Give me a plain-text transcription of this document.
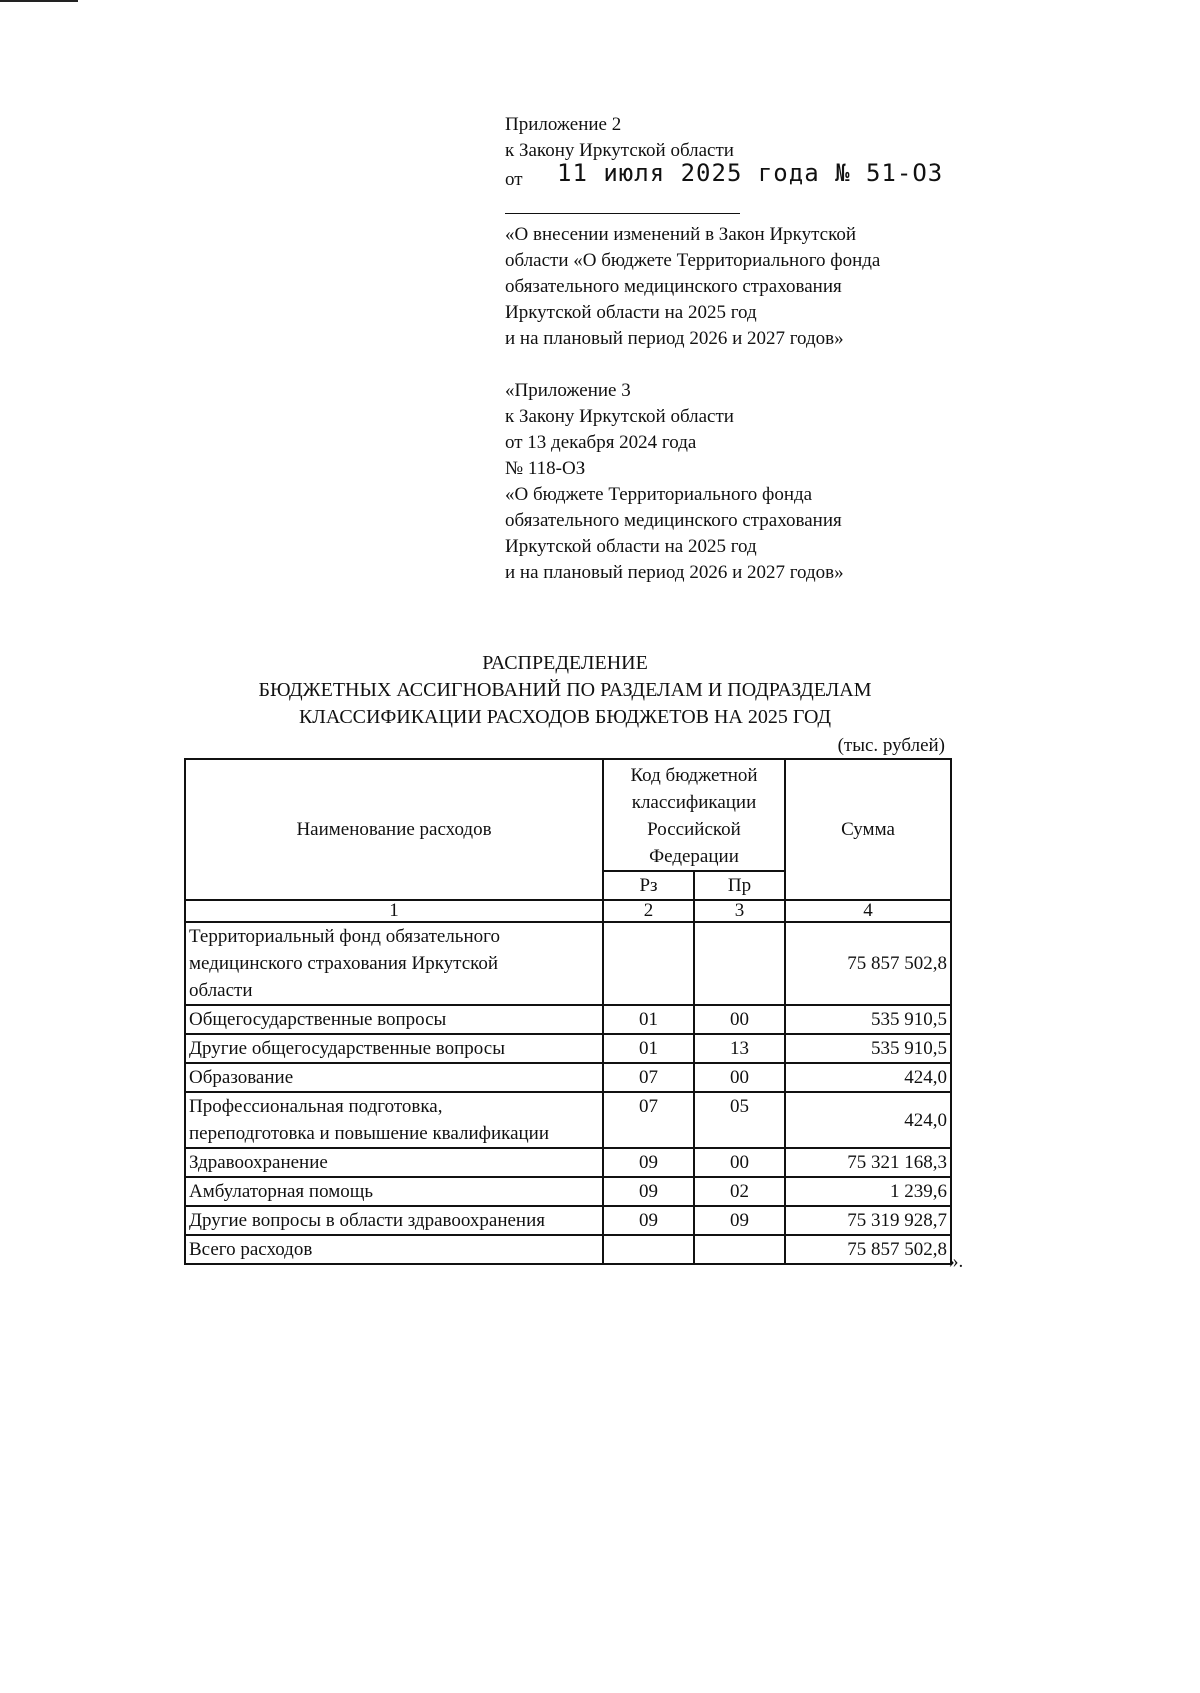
Приложение 2
к Закону Иркутской области
от	11 июля 2025 года № 51-ОЗ
«О внесении изменений в Закон Иркутской
области «О бюджете Территориального фонда
обязательного медицинского страхования
Иркутской области на 2025 год
и на плановый период 2026 и 2027 годов»
«Приложение 3
к Закону Иркутской области
от 13 декабря 2024 года
№ 118-ОЗ
«О бюджете Территориального фонда
обязательного медицинского страхования
Иркутской области на 2025 год
и на плановый период 2026 и 2027 годов»
РАСПРЕДЕЛЕНИЕ
БЮДЖЕТНЫХ АССИГНОВАНИЙ ПО РАЗДЕЛАМ И ПОДРАЗДЕЛАМ
КЛАССИФИКАЦИИ РАСХОДОВ БЮДЖЕТОВ НА 2025 ГОД
(тыс. рублей)
Наименование расходов	Код бюджетной
классификации
Российской
Федерации		Сумма
	Рз	Пр	
1	2	3	4

Территориальный фонд обязательного
медицинского страхования Иркутской
области			75 857 502,8
Общегосударственные вопросы	01	00	535 910,5
Другие общегосударственные вопросы	01	13	535 910,5
Образование	07	00	424,0

Профессиональная подготовка,
переподготовка и повышение квалификации	07	05	424,0
Здравоохранение	09	00	75 321 168,3
Амбулаторная помощь	09	02	1 239,6
Другие вопросы в области здравоохранения	09	09	75 319 928,7
Всего расходов			75 857 502,8
».
